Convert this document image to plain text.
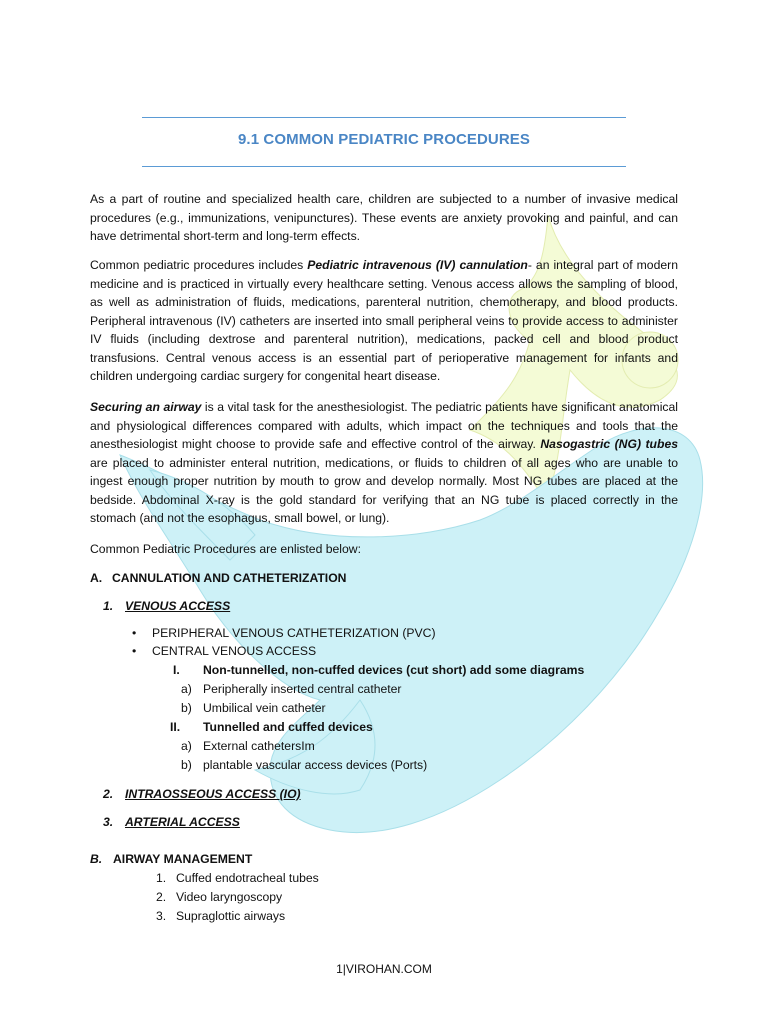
9.1 COMMON PEDIATRIC PROCEDURES

As a part of routine and specialized health care, children are subjected to a number of invasive medical procedures (e.g., immunizations, venipunctures). These events are anxiety provoking and painful, and can have detrimental short-term and long-term effects.

Common pediatric procedures includes Pediatric intravenous (IV) cannulation- an integral part of modern medicine and is practiced in virtually every healthcare setting. Venous access allows the sampling of blood, as well as administration of fluids, medications, parenteral nutrition, chemotherapy, and blood products. Peripheral intravenous (IV) catheters are inserted into small peripheral veins to provide access to administer IV fluids (including dextrose and parenteral nutrition), medications, packed cell and blood product transfusions. Central venous access is an essential part of perioperative management for infants and children undergoing cardiac surgery for congenital heart disease.

Securing an airway is a vital task for the anesthesiologist. The pediatric patients have significant anatomical and physiological differences compared with adults, which impact on the techniques and tools that the anesthesiologist might choose to provide safe and effective control of the airway. Nasogastric (NG) tubes are placed to administer enteral nutrition, medications, or fluids to children of all ages who are unable to ingest enough proper nutrition by mouth to grow and develop normally. Most NG tubes are placed at the bedside. Abdominal X-ray is the gold standard for verifying that an NG tube is placed correctly in the stomach (and not the esophagus, small bowel, or lung).

Common Pediatric Procedures are enlisted below:
A. CANNULATION AND CATHETERIZATION
1. VENOUS ACCESS
• PERIPHERAL VENOUS CATHETERIZATION (PVC)
• CENTRAL VENOUS ACCESS
I. Non-tunnelled, non-cuffed devices (cut short) add some diagrams
a) Peripherally inserted central catheter
b) Umbilical vein catheter
II. Tunnelled and cuffed devices
a) External cathetersIm
b) plantable vascular access devices (Ports)
2. INTRAOSSEOUS ACCESS (IO)
3. ARTERIAL ACCESS
B. AIRWAY MANAGEMENT
1. Cuffed endotracheal tubes
2. Video laryngoscopy
3. Supraglottic airways
1|VIROHAN.COM
